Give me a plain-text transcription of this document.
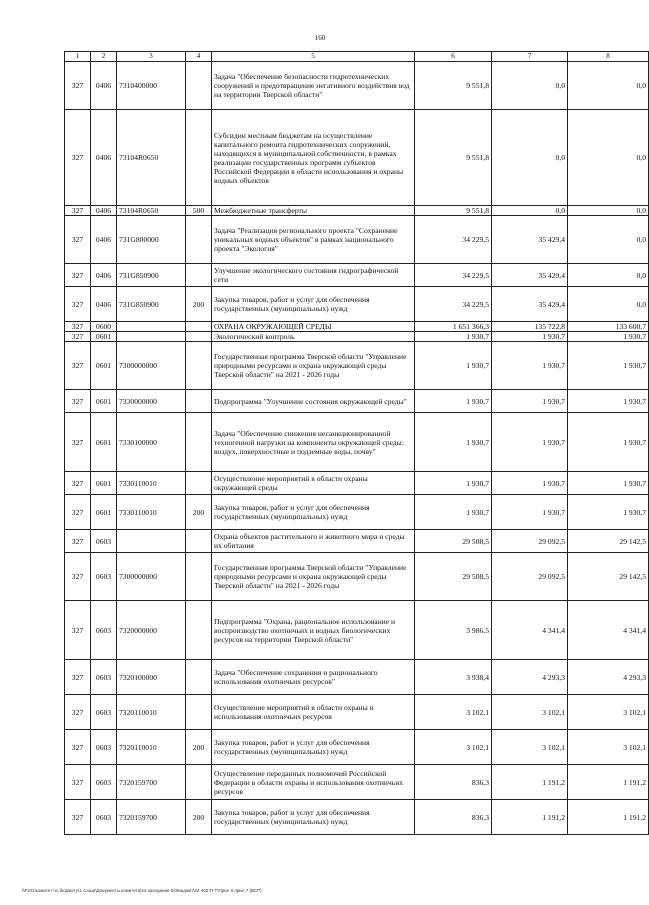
160
1	2	3	4	5	6	7	8
327	0406	7310400000		Задача "Обеспечение безопасности гидротехнических сооружений и предотвращение негативного воздействия вод на территории Тверской области"	9 551,8	0,0	0,0
327	0406	73104R0650		Субсидии местным бюджетам на осуществление капитального ремонта гидротехнических сооружений, находящихся в муниципальной собственности, в рамках реализации государственных программ субъектов Российской Федерации в области использования и охраны водных объектов	9 551,8	0,0	0,0
327	0406	73104R0650	500	Межбюджетные трансферты	9 551,8	0,0	0,0
327	0406	731G800000		Задача "Реализация регионального проекта "Сохранение уникальных водных объектов" в рамках национального проекта "Экология"	34 229,5	35 429,4	0,0
327	0406	731G850900		Улучшение экологического состояния гидрографической сети	34 229,5	35 429,4	0,0
327	0406	731G850900	200	Закупка товаров, работ и услуг для обеспечения государственных (муниципальных) нужд	34 229,5	35 429,4	0,0
327	0600			ОХРАНА ОКРУЖАЮЩЕЙ СРЕДЫ	1 651 366,3	135 722,8	133 600,7
327	0601			Экологический контроль	1 930,7	1 930,7	1 930,7
327	0601	7300000000		Государственная программа Тверской области "Управление природными ресурсами и охрана окружающей среды Тверской области" на 2021 - 2026 годы	1 930,7	1 930,7	1 930,7
327	0601	7330000000		Подпрограмма "Улучшение состояния окружающей среды"	1 930,7	1 930,7	1 930,7
327	0601	7330100000		Задача "Обеспечение снижения несанкционированной техногенной нагрузки на компоненты окружающей среды: воздух, поверхностные и подземные воды, почву"	1 930,7	1 930,7	1 930,7
327	0601	7330110010		Осуществление мероприятий в области охраны окружающей среды	1 930,7	1 930,7	1 930,7
327	0601	7330110010	200	Закупка товаров, работ и услуг для обеспечения государственных (муниципальных) нужд	1 930,7	1 930,7	1 930,7
327	0603			Охрана объектов растительного и животного мира и среды их обитания	29 508,5	29 092,5	29 142,5
327	0603	7300000000		Государственная программа Тверской области "Управление природными ресурсами и охрана окружающей среды Тверской области" на 2021 - 2026 годы	29 508,5	29 092,5	29 142,5
327	0603	7320000000		Подпрограмма "Охрана, рациональное использование и воспроизводство охотничьих и водных биологических ресурсов на территории Тверской области"	3 986,5	4 341,4	4 341,4
327	0603	7320100000		Задача "Обеспечение сохранения и рационального использования охотничьих ресурсов"	3 938,4	4 293,3	4 293,3
327	0603	7320110010		Осуществление мероприятий в области охраны и использования охотничьих ресурсов	3 102,1	3 102,1	3 102,1
327	0603	7320110010	200	Закупка товаров, работ и услуг для обеспечения государственных (муниципальных) нужд	3 102,1	3 102,1	3 102,1
327	0603	7320159700		Осуществление переданных полномочий Российской Федерации в области охраны и использования охотничьих ресурсов	836,3	1 191,2	1 191,2
327	0603	7320159700	200	Закупка товаров, работ и услуг для обеспечения государственных (муниципальных) нужд	836,3	1 191,2	1 191,2
\\Fs01\комитет по бюджету\1 созыв\Документы комитета\24 заседание 04\Бюджет\24 460-П-Т\Прил 6 прил 7 (ВСР)
